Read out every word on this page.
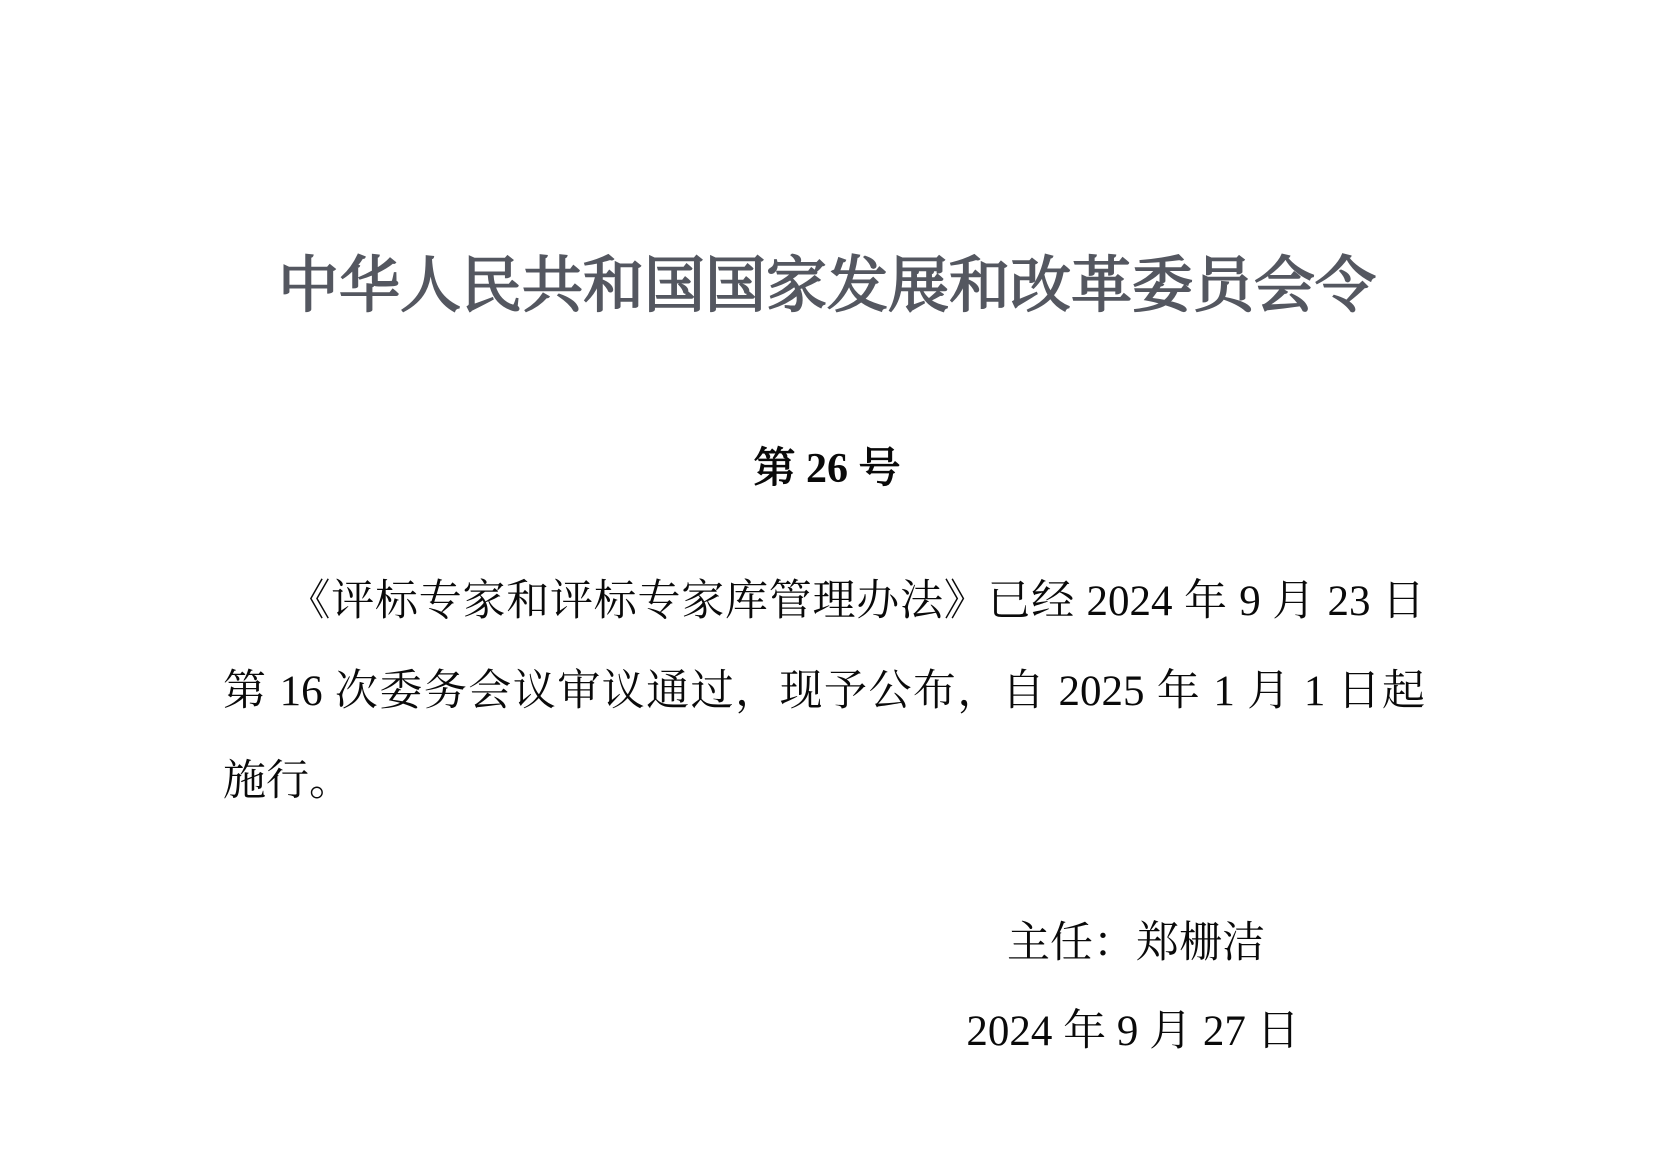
中华人民共和国国家发展和改革委员会令
第 26 号
《评标专家和评标专家库管理办法》已经 2024 年 9 月 23 日第 16 次委务会议审议通过，现予公布，自 2025 年 1 月 1 日起施行。
主任：郑栅洁
2024 年 9 月 27 日
